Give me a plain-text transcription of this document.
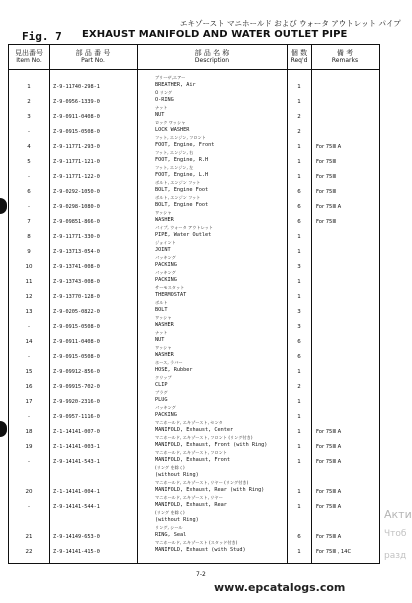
エキゾースト マニホールド および ウォータ アウトレット パイプ
Fig. 7 EXHAUST MANIFOLD AND WATER OUTLET PIPE
見出番号
Item No.
部 品 番 号
Part No.
部 品 名 称
Description
個 数
Req'd
備 考
Remarks
1	Z-9-11740-298-1
ブリーザ,エアー
BREATHER, Air	1
2	Z-9-0956-1339-0
O リング
O-RING	1
3	Z-9-0911-0408-0
ナット
NUT	2
-	Z-9-0915-0508-0
ロック ワッシャ
LOCK WASHER	2
4	Z-9-11771-293-0
フット, エンジン, フロント
FOOT, Engine, Front	1	For 75Ⅲ A
5	Z-9-11771-121-0
フット, エンジン, 右
FOOT, Engine, R.H	1	For 75Ⅲ
-	Z-9-11771-122-0
フット, エンジン, 左
FOOT, Engine, L.H	1	For 75Ⅲ
6	Z-9-0292-1050-0
ボルト, エンジン フット
BOLT, Engine Foot	6	For 75Ⅲ
-	Z-9-0298-1080-0
ボルト, エンジン フット
BOLT, Engine Foot	6	For 75Ⅲ A
7	Z-9-09851-866-0
ワッシャ
WASHER	6	For 75Ⅲ
8	Z-9-11771-330-0
パイプ, ウォータ アウトレット
PIPE, Water Outlet	1
9	Z-9-13713-054-0
ジョイント
JOINT	1
10	Z-9-13741-008-0
パッキング
PACKING	3
11	Z-9-13743-008-0
パッキング
PACKING	1
12	Z-9-13770-128-0
サーモスタット
THERMOSTAT	1
13	Z-9-0205-0822-0
ボルト
BOLT	3
-	Z-9-0915-0508-0
ワッシャ
WASHER	3
14	Z-9-0911-0408-0
ナット
NUT	6
-	Z-9-0915-0508-0
ワッシャ
WASHER	6
15	Z-9-09912-856-0
ホース, ラバー
HOSE, Rubber	1
16	Z-9-09915-702-0
クリップ
CLIP	2
17	Z-9-9920-2316-0
プラグ
PLUG	1
-	Z-9-0957-1116-0
パッキング
PACKING	1
18	Z-1-14141-007-0
マニホールド, エキゾースト, センタ
MANIFOLD, Exhaust, Center	1	For 75Ⅲ A
19	Z-1-14141-003-1
マニホールド, エキゾースト, フロント (リング付き)
MANIFOLD, Exhaust, Front (with Ring)	1	For 75Ⅲ A
-	Z-9-14141-543-1
マニホールド, エキゾースト, フロント
MANIFOLD, Exhaust, Front	1	For 75Ⅲ A
(リング を除く)
(without Ring)
20	Z-1-14141-004-1
マニホールド, エキゾースト, リヤー (リング付き)
MANIFOLD, Exhaust, Rear (with Ring)	1	For 75Ⅲ A
-	Z-9-14141-544-1
マニホールド, エキゾースト, リヤー
MANIFOLD, Exhaust, Rear	1	For 75Ⅲ A
(リング を除く)
(without Ring)
21	Z-9-14149-653-0
リング, シール
RING, Seal	6	For 75Ⅲ A
22	Z-9-14141-415-0
マニホールド, エキゾースト (スタッド付き)
MANIFOLD, Exhaust (with Stud)	1	For 75Ⅲ , 14C
7-2
www.epcatalogs.com
Акти
Чтоб
разд
